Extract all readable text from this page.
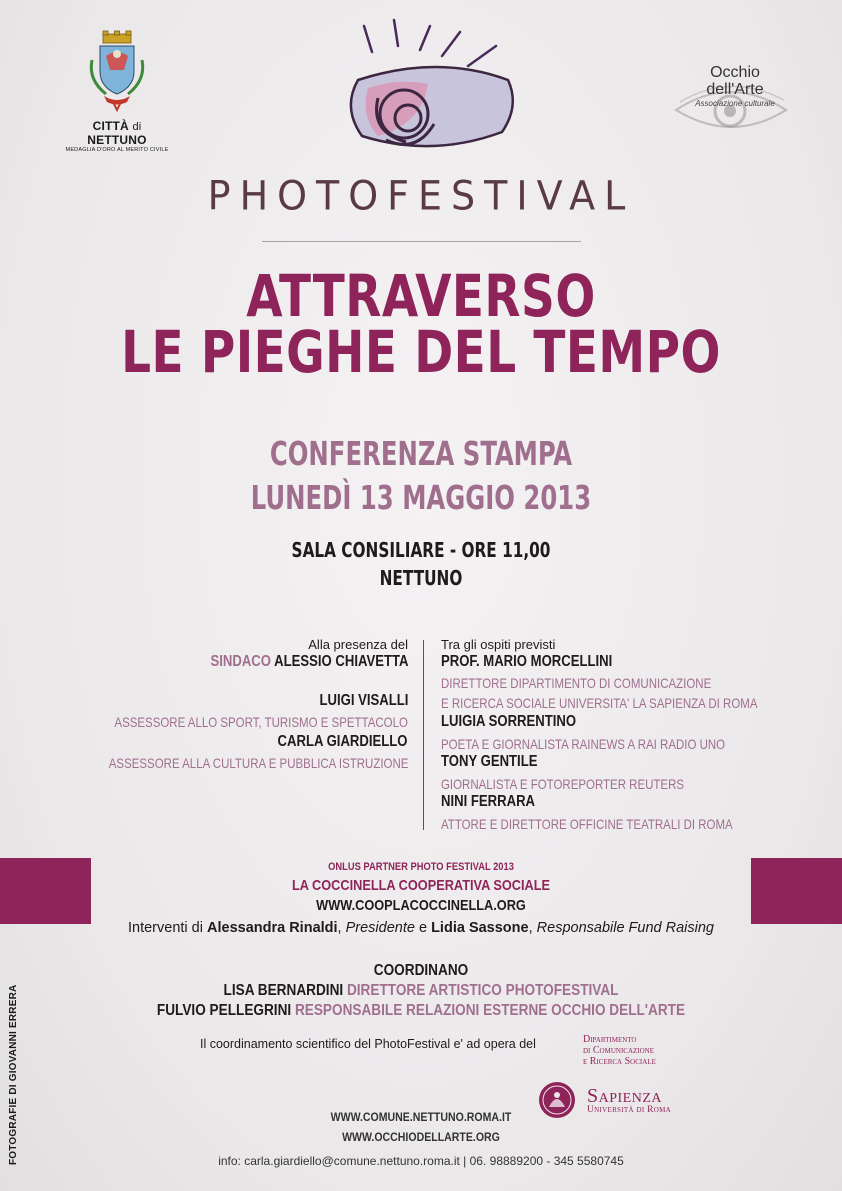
CITTÀ di NETTUNO
MEDAGLIA D'ORO AL MERITO CIVILE
Occhio
dell'Arte
Associazione culturale
PHOTOFESTIVAL
ATTRAVERSO
LE PIEGHE DEL TEMPO
CONFERENZA STAMPA
LUNEDÌ 13 MAGGIO 2013
SALA CONSILIARE - ORE 11,00
NETTUNO
Alla presenza del
SINDACO ALESSIO CHIAVETTA
LUIGI VISALLI
ASSESSORE ALLO SPORT, TURISMO E SPETTACOLO
CARLA GIARDIELLO
ASSESSORE ALLA CULTURA E PUBBLICA ISTRUZIONE
Tra gli ospiti previsti
PROF. MARIO MORCELLINI
DIRETTORE DIPARTIMENTO DI COMUNICAZIONE
E RICERCA SOCIALE UNIVERSITA' LA SAPIENZA DI ROMA
LUIGIA SORRENTINO
POETA E GIORNALISTA RAINEWS A RAI RADIO UNO
TONY GENTILE
GIORNALISTA E FOTOREPORTER REUTERS
NINI FERRARA
ATTORE E DIRETTORE OFFICINE TEATRALI DI ROMA
ONLUS PARTNER PHOTO FESTIVAL 2013
LA COCCINELLA COOPERATIVA SOCIALE
WWW.COOPLACOCCINELLA.ORG
Interventi di Alessandra Rinaldi, Presidente e Lidia Sassone, Responsabile Fund Raising
COORDINANO
LISA BERNARDINI DIRETTORE ARTISTICO PHOTOFESTIVAL
FULVIO PELLEGRINI RESPONSABILE RELAZIONI ESTERNE OCCHIO DELL'ARTE
Il coordinamento scientifico del PhotoFestival e' ad opera del	Dipartimento
di Comunicazione
e Ricerca Sociale
Sapienza
Università di Roma
WWW.COMUNE.NETTUNO.ROMA.IT
WWW.OCCHIODELLARTE.ORG
info: carla.giardiello@comune.nettuno.roma.it | 06. 98889200 - 345 5580745
FOTOGRAFIE DI GIOVANNI ERRERA
